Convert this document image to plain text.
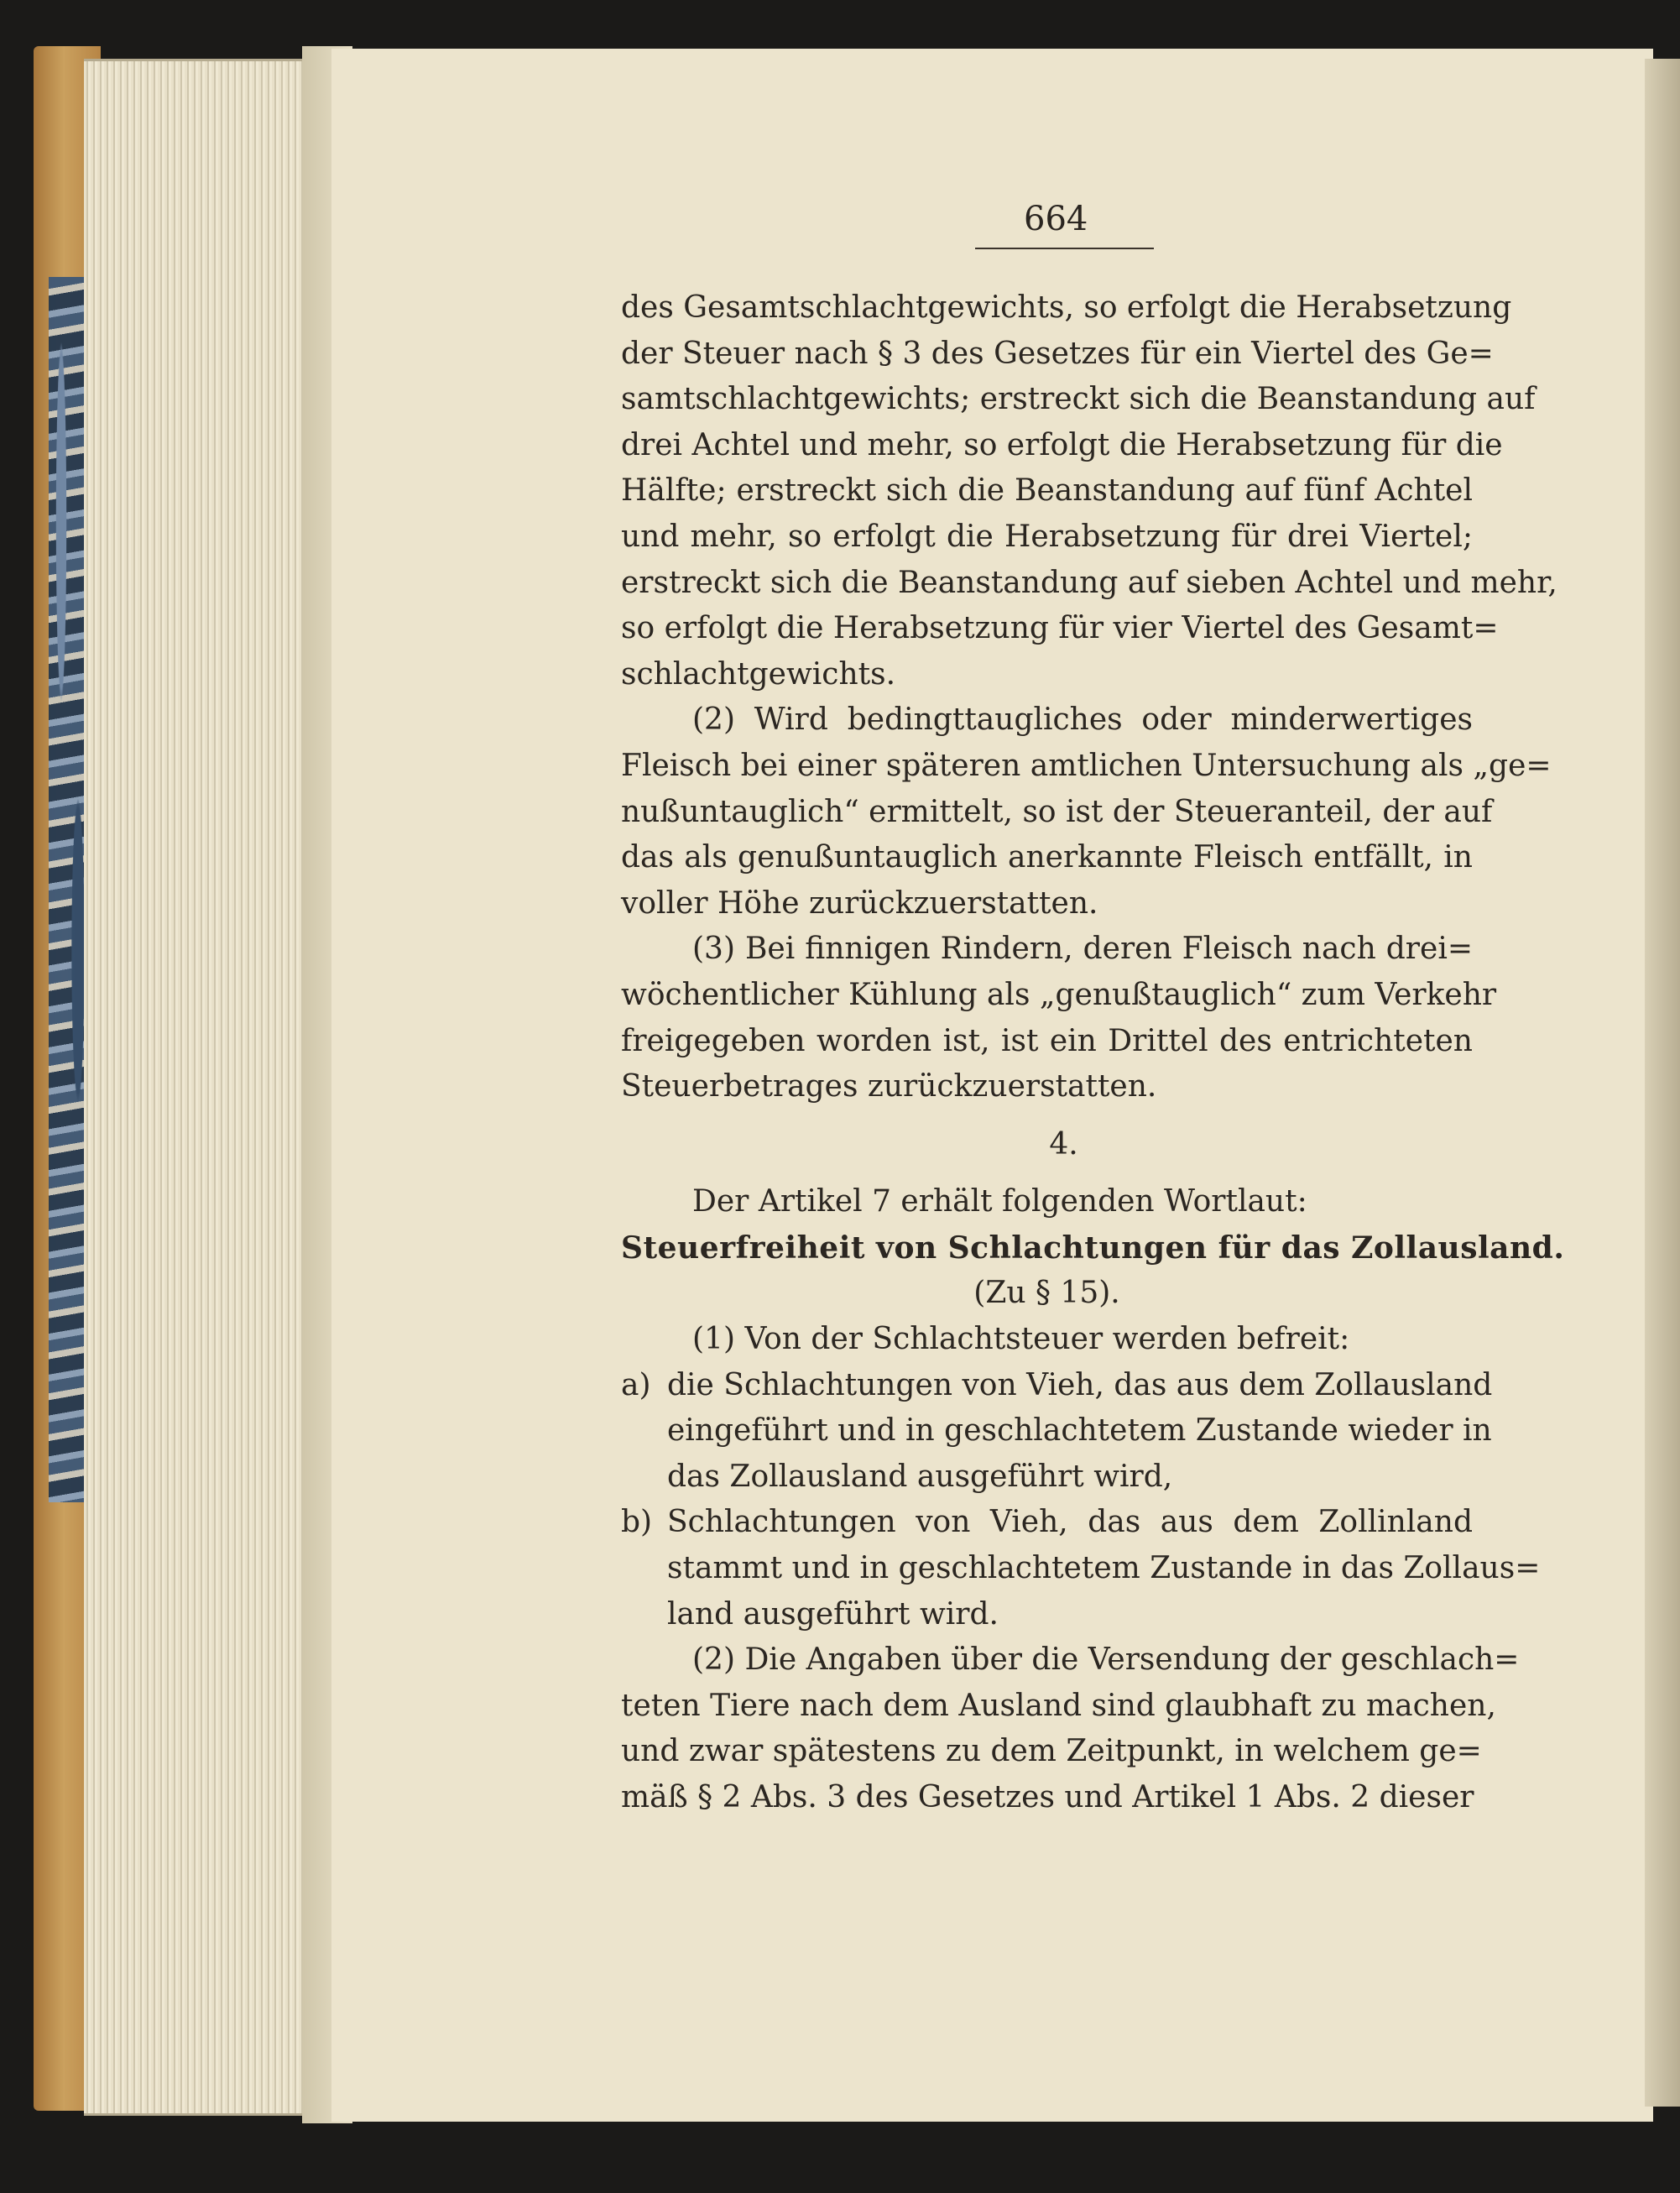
664
des Gesamtschlachtgewichts, so erfolgt die Herabsetzung
der Steuer nach § 3 des Gesetzes für ein Viertel des Ge=
samtschlachtgewichts; erstreckt sich die Beanstandung auf
drei Achtel und mehr, so erfolgt die Herabsetzung für die
Hälfte; erstreckt sich die Beanstandung auf fünf Achtel
und mehr, so erfolgt die Herabsetzung für drei Viertel;
erstreckt sich die Beanstandung auf sieben Achtel und mehr,
so erfolgt die Herabsetzung für vier Viertel des Gesamt=
schlachtgewichts.
(2) Wird bedingttaugliches oder minderwertiges
Fleisch bei einer späteren amtlichen Untersuchung als „ge=
nußuntauglich“ ermittelt, so ist der Steueranteil, der auf
das als genußuntauglich anerkannte Fleisch entfällt, in
voller Höhe zurückzuerstatten.
(3) Bei finnigen Rindern, deren Fleisch nach drei=
wöchentlicher Kühlung als „genußtauglich“ zum Verkehr
freigegeben worden ist, ist ein Drittel des entrichteten
Steuerbetrages zurückzuerstatten.
4.
Der Artikel 7 erhält folgenden Wortlaut:
Steuerfreiheit von Schlachtungen für das Zollausland.
(Zu § 15).
(1) Von der Schlachtsteuer werden befreit:
a) die Schlachtungen von Vieh, das aus dem Zollausland
eingeführt und in geschlachtetem Zustande wieder in
das Zollausland ausgeführt wird,
b) Schlachtungen von Vieh, das aus dem Zollinland
stammt und in geschlachtetem Zustande in das Zollaus=
land ausgeführt wird.
(2) Die Angaben über die Versendung der geschlach=
teten Tiere nach dem Ausland sind glaubhaft zu machen,
und zwar spätestens zu dem Zeitpunkt, in welchem ge=
mäß § 2 Abs. 3 des Gesetzes und Artikel 1 Abs. 2 dieser
